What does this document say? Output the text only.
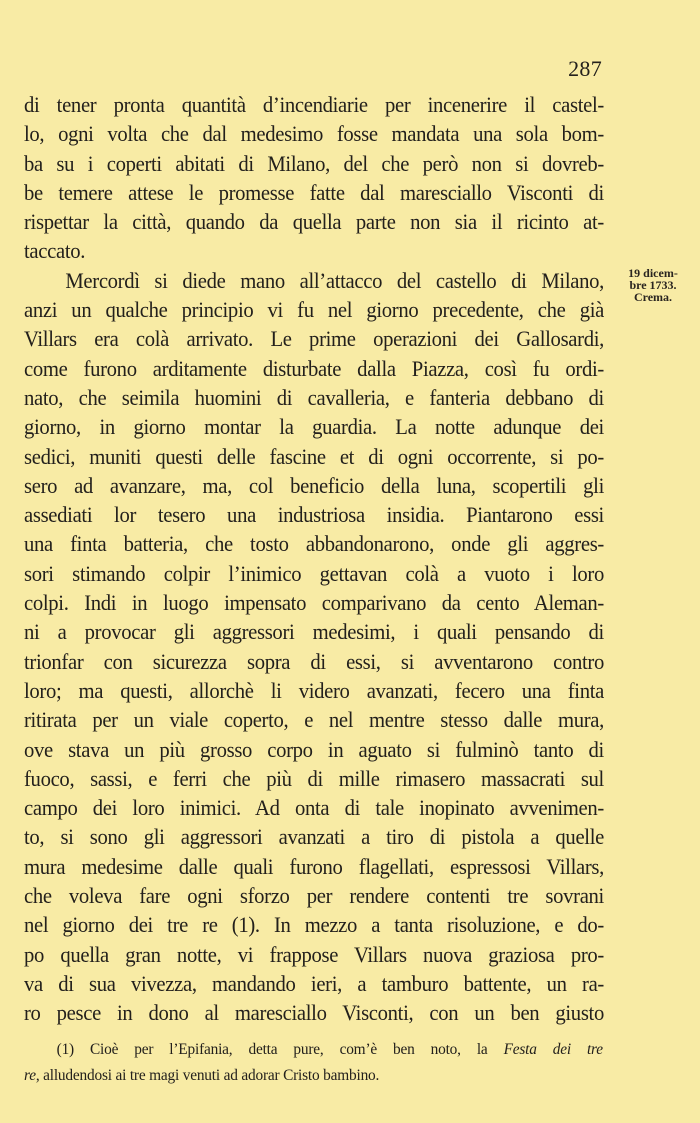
287
di tener pronta quantità d’incendiarie per incenerire il castel-
lo, ogni volta che dal medesimo fosse mandata una sola bom-
ba su i coperti abitati di Milano, del che però non si dovreb-
be temere attese le promesse fatte dal maresciallo Visconti di
rispettar la città, quando da quella parte non sia il ricinto at-
taccato.
Mercordì si diede mano all’attacco del castello di Milano,
anzi un qualche principio vi fu nel giorno precedente, che già
Villars era colà arrivato. Le prime operazioni dei Gallosardi,
come furono arditamente disturbate dalla Piazza, così fu ordi-
nato, che seimila huomini di cavalleria, e fanteria debbano di
giorno, in giorno montar la guardia. La notte adunque dei
sedici, muniti questi delle fascine et di ogni occorrente, si po-
sero ad avanzare, ma, col beneficio della luna, scopertili gli
assediati lor tesero una industriosa insidia. Piantarono essi
una finta batteria, che tosto abbandonarono, onde gli aggres-
sori stimando colpir l’inimico gettavan colà a vuoto i loro
colpi. Indi in luogo impensato comparivano da cento Aleman-
ni a provocar gli aggressori medesimi, i quali pensando di
trionfar con sicurezza sopra di essi, si avventarono contro
loro; ma questi, allorchè li videro avanzati, fecero una finta
ritirata per un viale coperto, e nel mentre stesso dalle mura,
ove stava un più grosso corpo in aguato si fulminò tanto di
fuoco, sassi, e ferri che più di mille rimasero massacrati sul
campo dei loro inimici. Ad onta di tale inopinato avvenimen-
to, si sono gli aggressori avanzati a tiro di pistola a quelle
mura medesime dalle quali furono flagellati, espressosi Villars,
che voleva fare ogni sforzo per rendere contenti tre sovrani
nel giorno dei tre re (1). In mezzo a tanta risoluzione, e do-
po quella gran notte, vi frappose Villars nuova graziosa pro-
va di sua vivezza, mandando ieri, a tamburo battente, un ra-
ro pesce in dono al maresciallo Visconti, con un ben giusto
19 dicem-
bre 1733.
Crema.
(1) Cioè per l’Epifania, detta pure, com’è ben noto, la Festa dei tre
re, alludendosi ai tre magi venuti ad adorar Cristo bambino.
